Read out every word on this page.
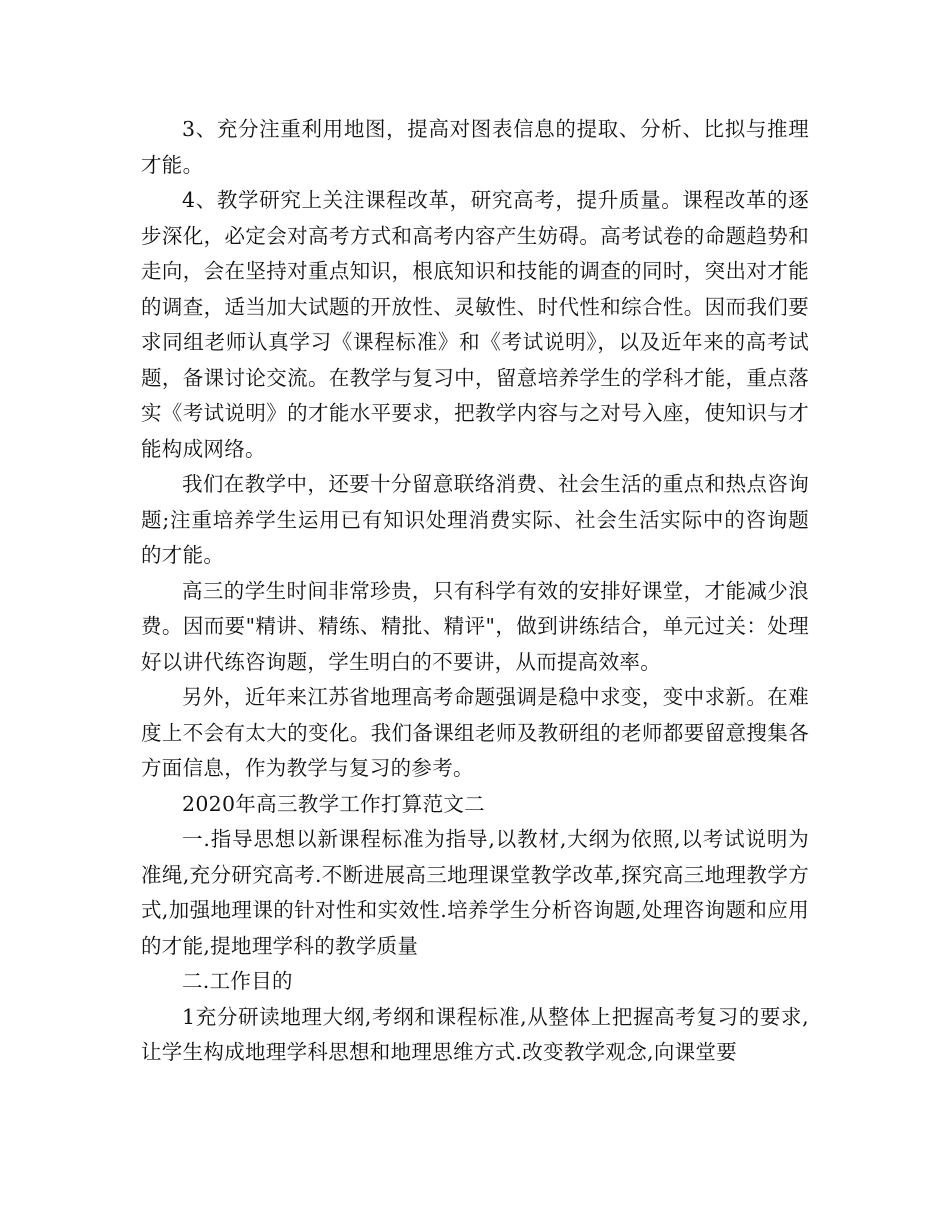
3、充分注重利用地图，提高对图表信息的提取、分析、比拟与推理才能。

4、教学研究上关注课程改革，研究高考，提升质量。课程改革的逐步深化，必定会对高考方式和高考内容产生妨碍。高考试卷的命题趋势和走向，会在坚持对重点知识，根底知识和技能的调查的同时，突出对才能的调查，适当加大试题的开放性、灵敏性、时代性和综合性。因而我们要求同组老师认真学习《课程标准》和《考试说明》，以及近年来的高考试题，备课讨论交流。在教学与复习中，留意培养学生的学科才能，重点落实《考试说明》的才能水平要求，把教学内容与之对号入座，使知识与才能构成网络。

我们在教学中，还要十分留意联络消费、社会生活的重点和热点咨询题;注重培养学生运用已有知识处理消费实际、社会生活实际中的咨询题的才能。

高三的学生时间非常珍贵，只有科学有效的安排好课堂，才能减少浪费。因而要"精讲、精练、精批、精评"，做到讲练结合，单元过关：处理好以讲代练咨询题，学生明白的不要讲，从而提高效率。

另外，近年来江苏省地理高考命题强调是稳中求变，变中求新。在难度上不会有太大的变化。我们备课组老师及教研组的老师都要留意搜集各方面信息，作为教学与复习的参考。

2020年高三教学工作打算范文二

一.指导思想以新课程标准为指导,以教材,大纲为依照,以考试说明为准绳,充分研究高考.不断进展高三地理课堂教学改革,探究高三地理教学方式,加强地理课的针对性和实效性.培养学生分析咨询题,处理咨询题和应用的才能,提地理学科的教学质量

二.工作目的

1充分研读地理大纲,考纲和课程标准,从整体上把握高考复习的要求,让学生构成地理学科思想和地理思维方式.改变教学观念,向课堂要
